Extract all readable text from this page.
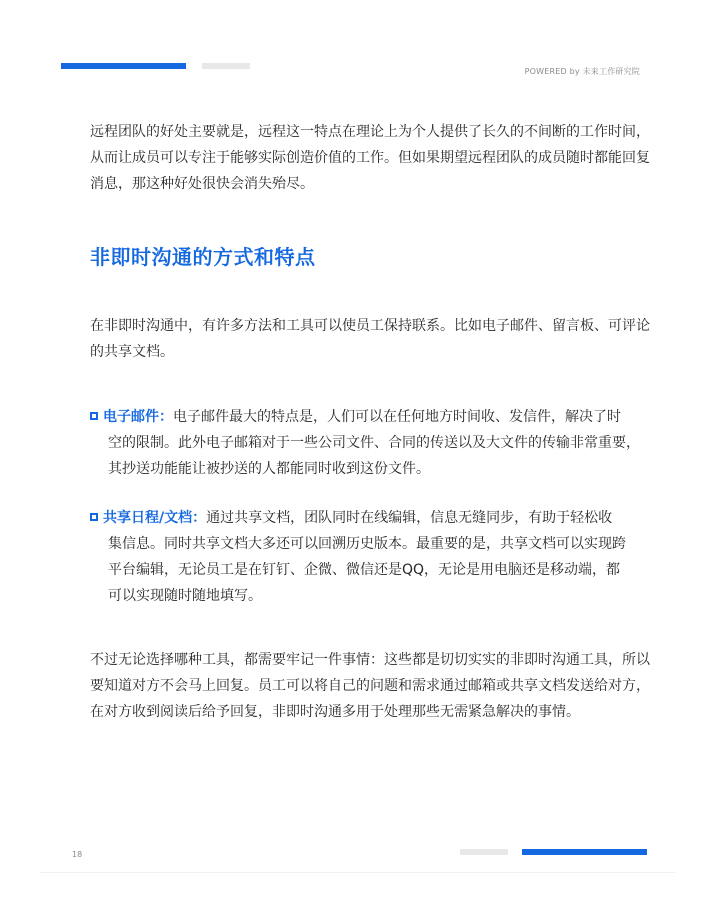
POWERED by 未来工作研究院

远程团队的好处主要就是，远程这一特点在理论上为个人提供了长久的不间断的工作时间，从而让成员可以专注于能够实际创造价值的工作。但如果期望远程团队的成员随时都能回复消息，那这种好处很快会消失殆尽。

非即时沟通的方式和特点

在非即时沟通中，有许多方法和工具可以使员工保持联系。比如电子邮件、留言板、可评论的共享文档。

电子邮件：电子邮件最大的特点是，人们可以在任何地方时间收、发信件，解决了时
空的限制。此外电子邮箱对于一些公司文件、合同的传送以及大文件的传输非常重要，
其抄送功能能让被抄送的人都能同时收到这份文件。
共享日程/文档：通过共享文档，团队同时在线编辑，信息无缝同步，有助于轻松收
集信息。同时共享文档大多还可以回溯历史版本。最重要的是，共享文档可以实现跨
平台编辑，无论员工是在钉钉、企微、微信还是QQ，无论是用电脑还是移动端，都
可以实现随时随地填写。

不过无论选择哪种工具，都需要牢记一件事情：这些都是切切实实的非即时沟通工具，所以要知道对方不会马上回复。员工可以将自己的问题和需求通过邮箱或共享文档发送给对方，在对方收到阅读后给予回复，非即时沟通多用于处理那些无需紧急解决的事情。

18
